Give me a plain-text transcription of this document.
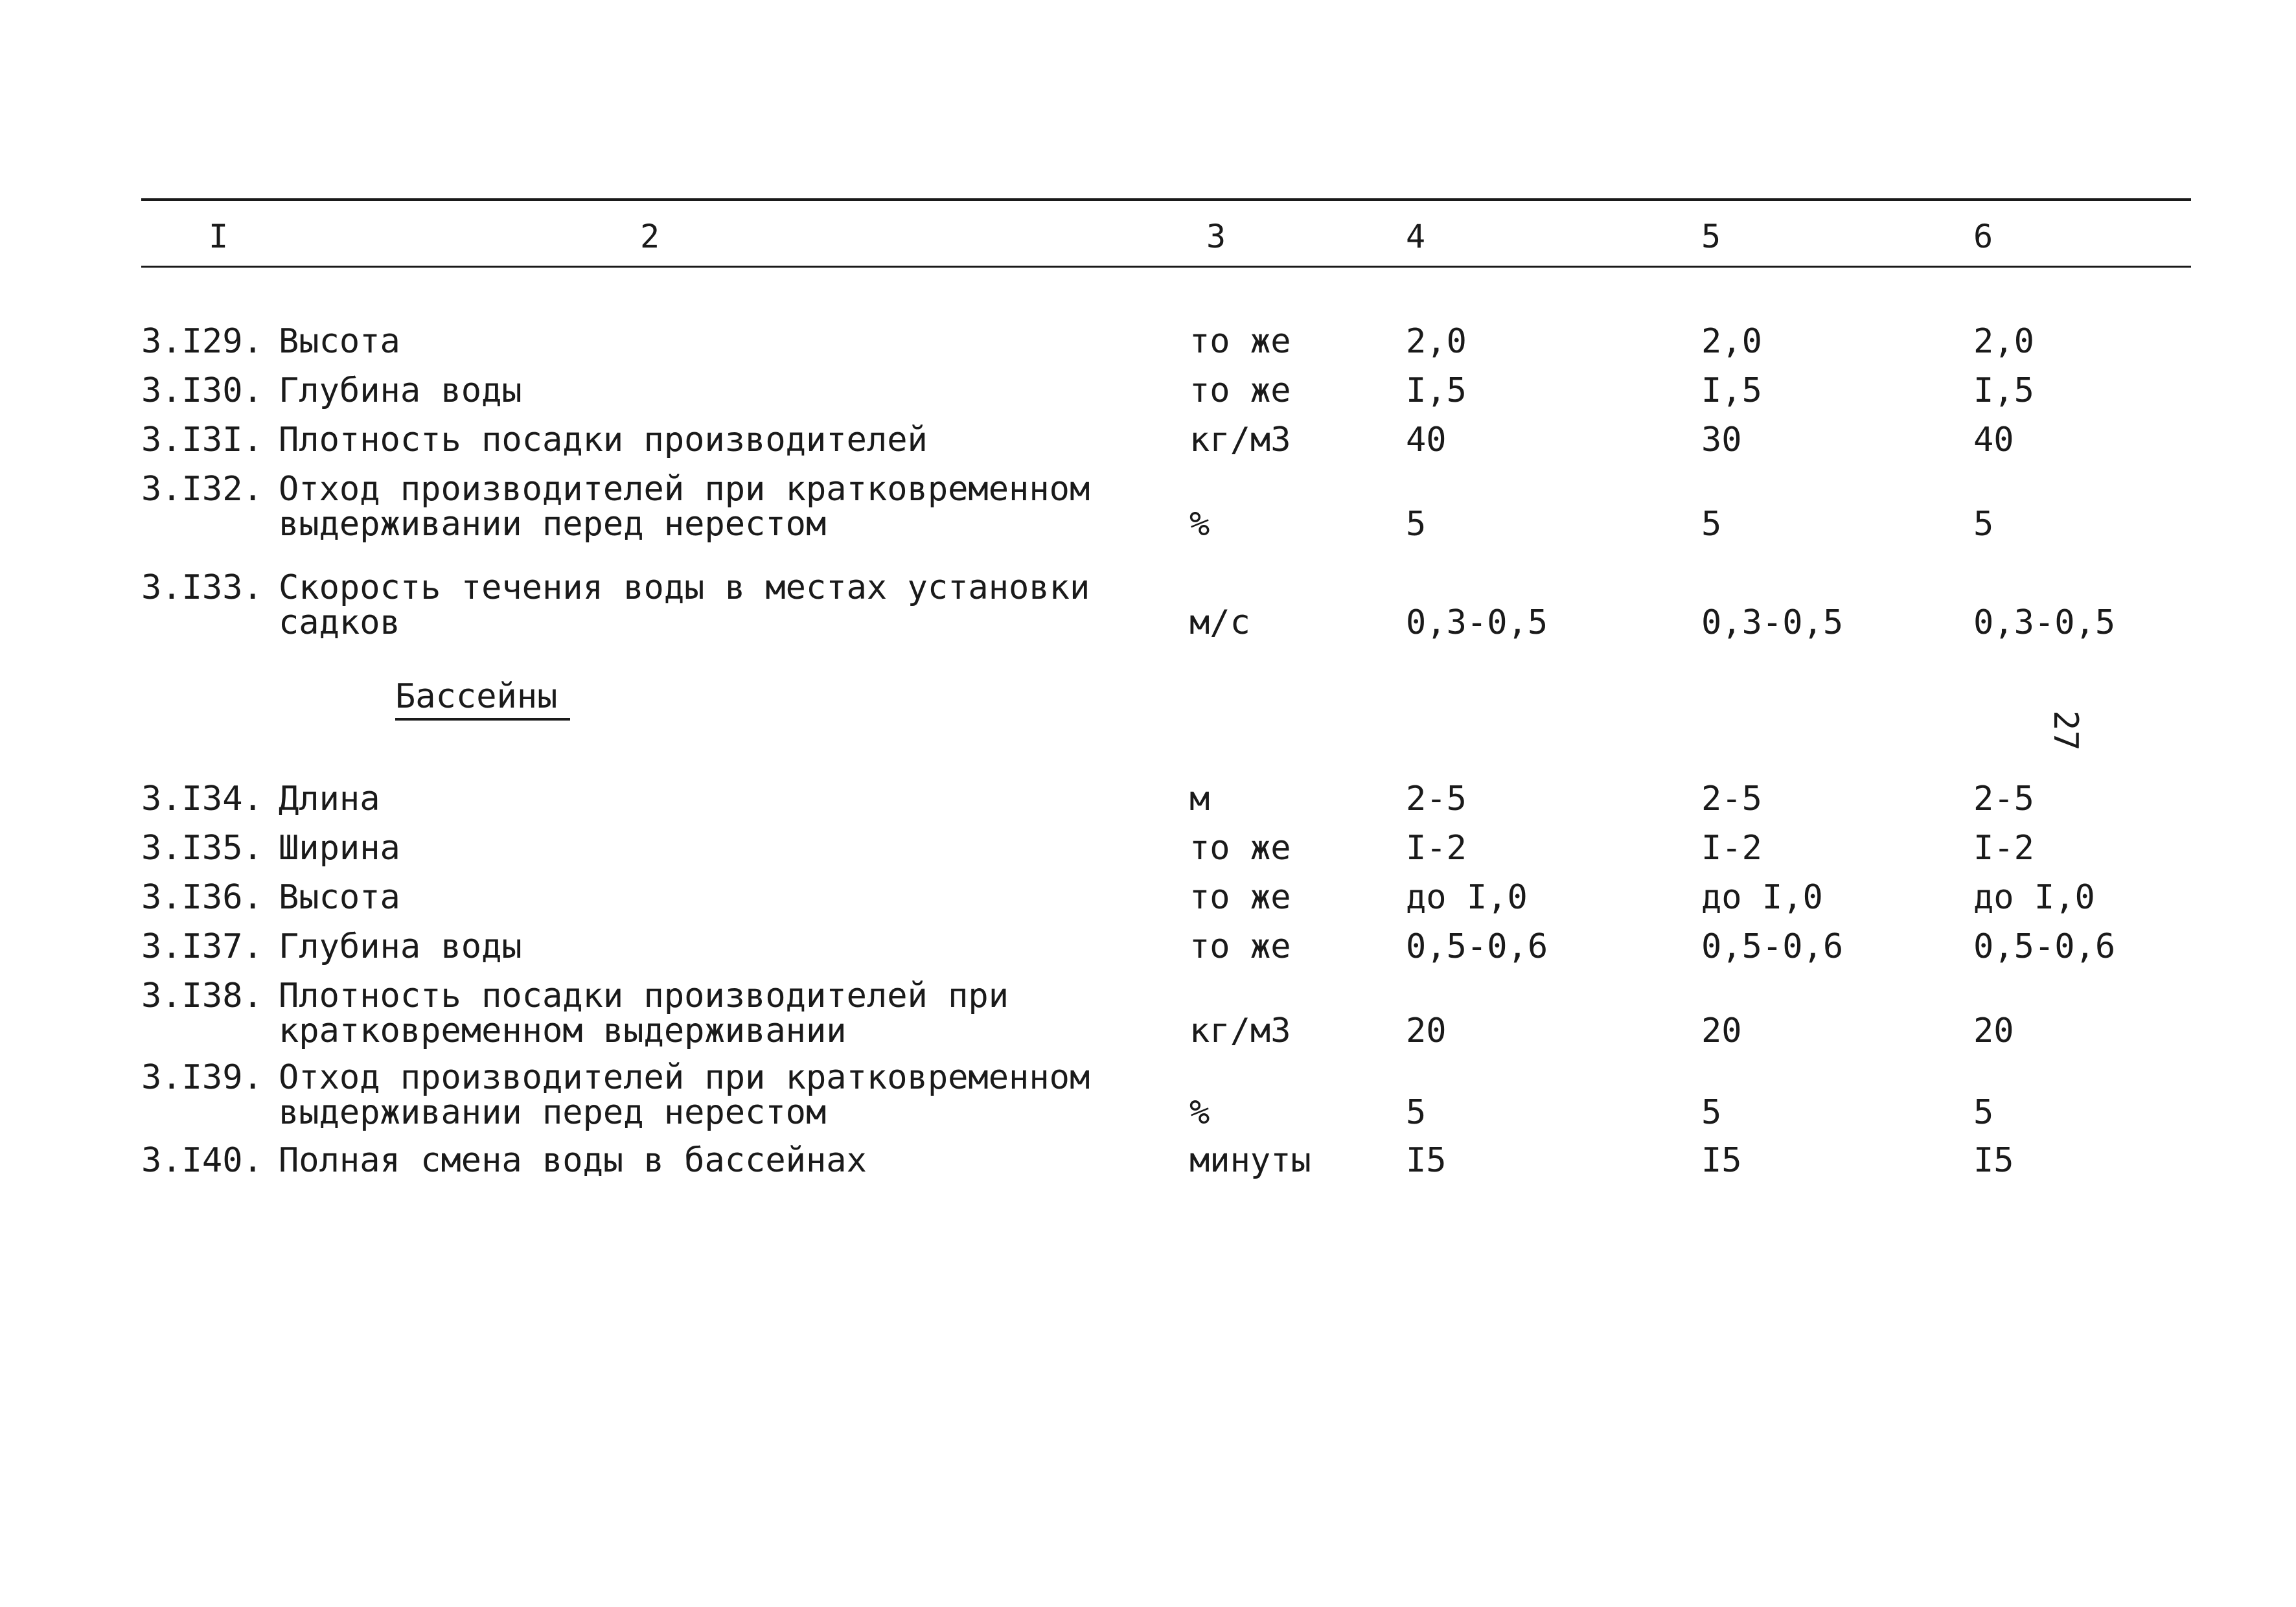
I	2	3	4	5	6
3.I29. Высота	то же	2,0	2,0	2,0
3.I30. Глубина воды	то же	I,5	I,5	I,5
3.I3I. Плотность посадки производителей	кг/м3	40	30	40
3.I32. Отход производителей при кратковременном
выдерживании перед нерестом	%	5	5	5
3.I33. Скорость течения воды в местах установки
садков	м/с	0,3-0,5	0,3-0,5	0,3-0,5
Бассейны
27
3.I34. Длина	м	2-5	2-5	2-5
3.I35. Ширина	то же	I-2	I-2	I-2
3.I36. Высота	то же	до I,0	до I,0	до I,0
3.I37. Глубина воды	то же	0,5-0,6	0,5-0,6	0,5-0,6
3.I38. Плотность посадки производителей при
кратковременном выдерживании	кг/м3	20	20	20
3.I39. Отход производителей при кратковременном
выдерживании перед нерестом	%	5	5	5
3.I40. Полная смена воды в бассейнах	минуты	I5	I5	I5
